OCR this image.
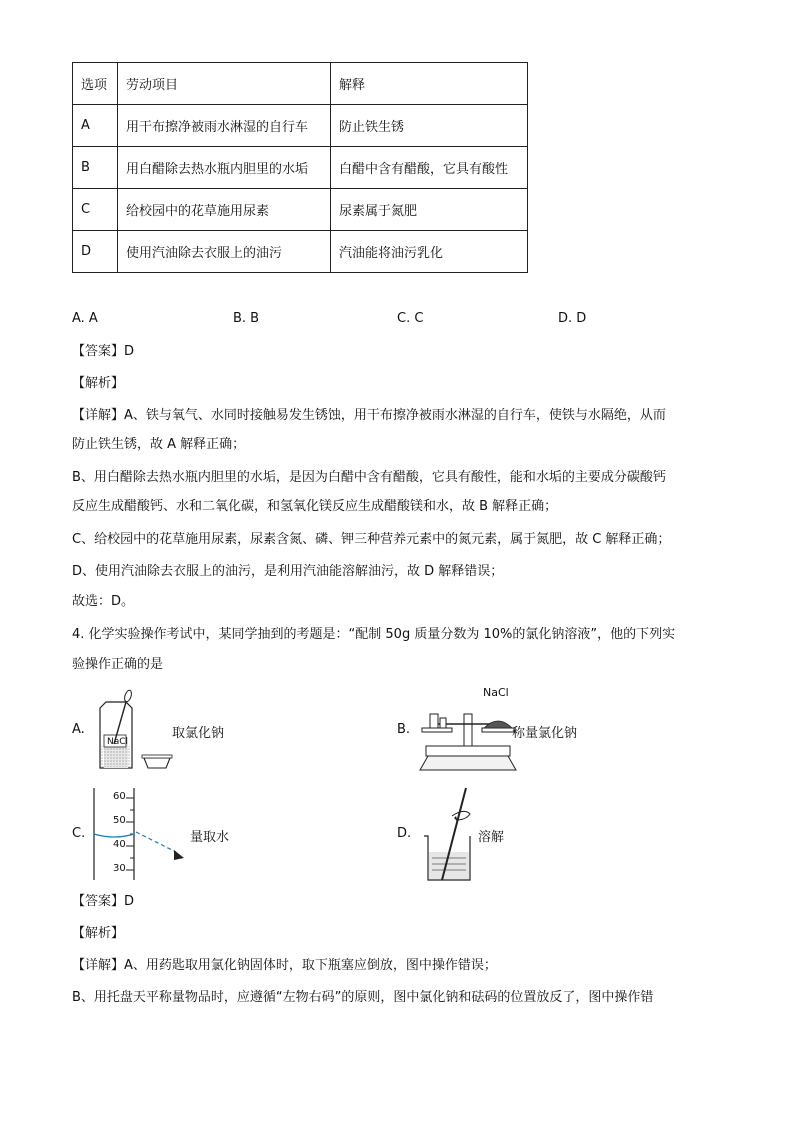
选项	劳动项目	解释
A	用干布擦净被雨水淋湿的自行车	防止铁生锈
B	用白醋除去热水瓶内胆里的水垢	白醋中含有醋酸，它具有酸性
C	给校园中的花草施用尿素	尿素属于氮肥
D	使用汽油除去衣服上的油污	汽油能将油污乳化
A. A	B. B	C. C	D. D
【答案】D
【解析】
【详解】A、铁与氧气、水同时接触易发生锈蚀，用干布擦净被雨水淋湿的自行车，使铁与水隔绝，从而
防止铁生锈，故 A 解释正确；
B、用白醋除去热水瓶内胆里的水垢，是因为白醋中含有醋酸，它具有酸性，能和水垢的主要成分碳酸钙
反应生成醋酸钙、水和二氧化碳，和氢氧化镁反应生成醋酸镁和水，故 B 解释正确；
C、给校园中的花草施用尿素，尿素含氮、磷、钾三种营养元素中的氮元素，属于氮肥，故 C 解释正确；
D、使用汽油除去衣服上的油污，是利用汽油能溶解油污，故 D 解释错误；
故选：D。
4. 化学实验操作考试中，某同学抽到的考题是：“配制 50g 质量分数为 10%的氯化钠溶液”，他的下列实
验操作正确的是
A.
NaCl
取氯化钠	B.
NaCl
称量氯化钠
C.
60
50
40
30
量取水	D.	溶解
【答案】D
【解析】
【详解】A、用药匙取用氯化钠固体时，取下瓶塞应倒放，图中操作错误；
B、用托盘天平称量物品时，应遵循“左物右码”的原则，图中氯化钠和砝码的位置放反了，图中操作错
